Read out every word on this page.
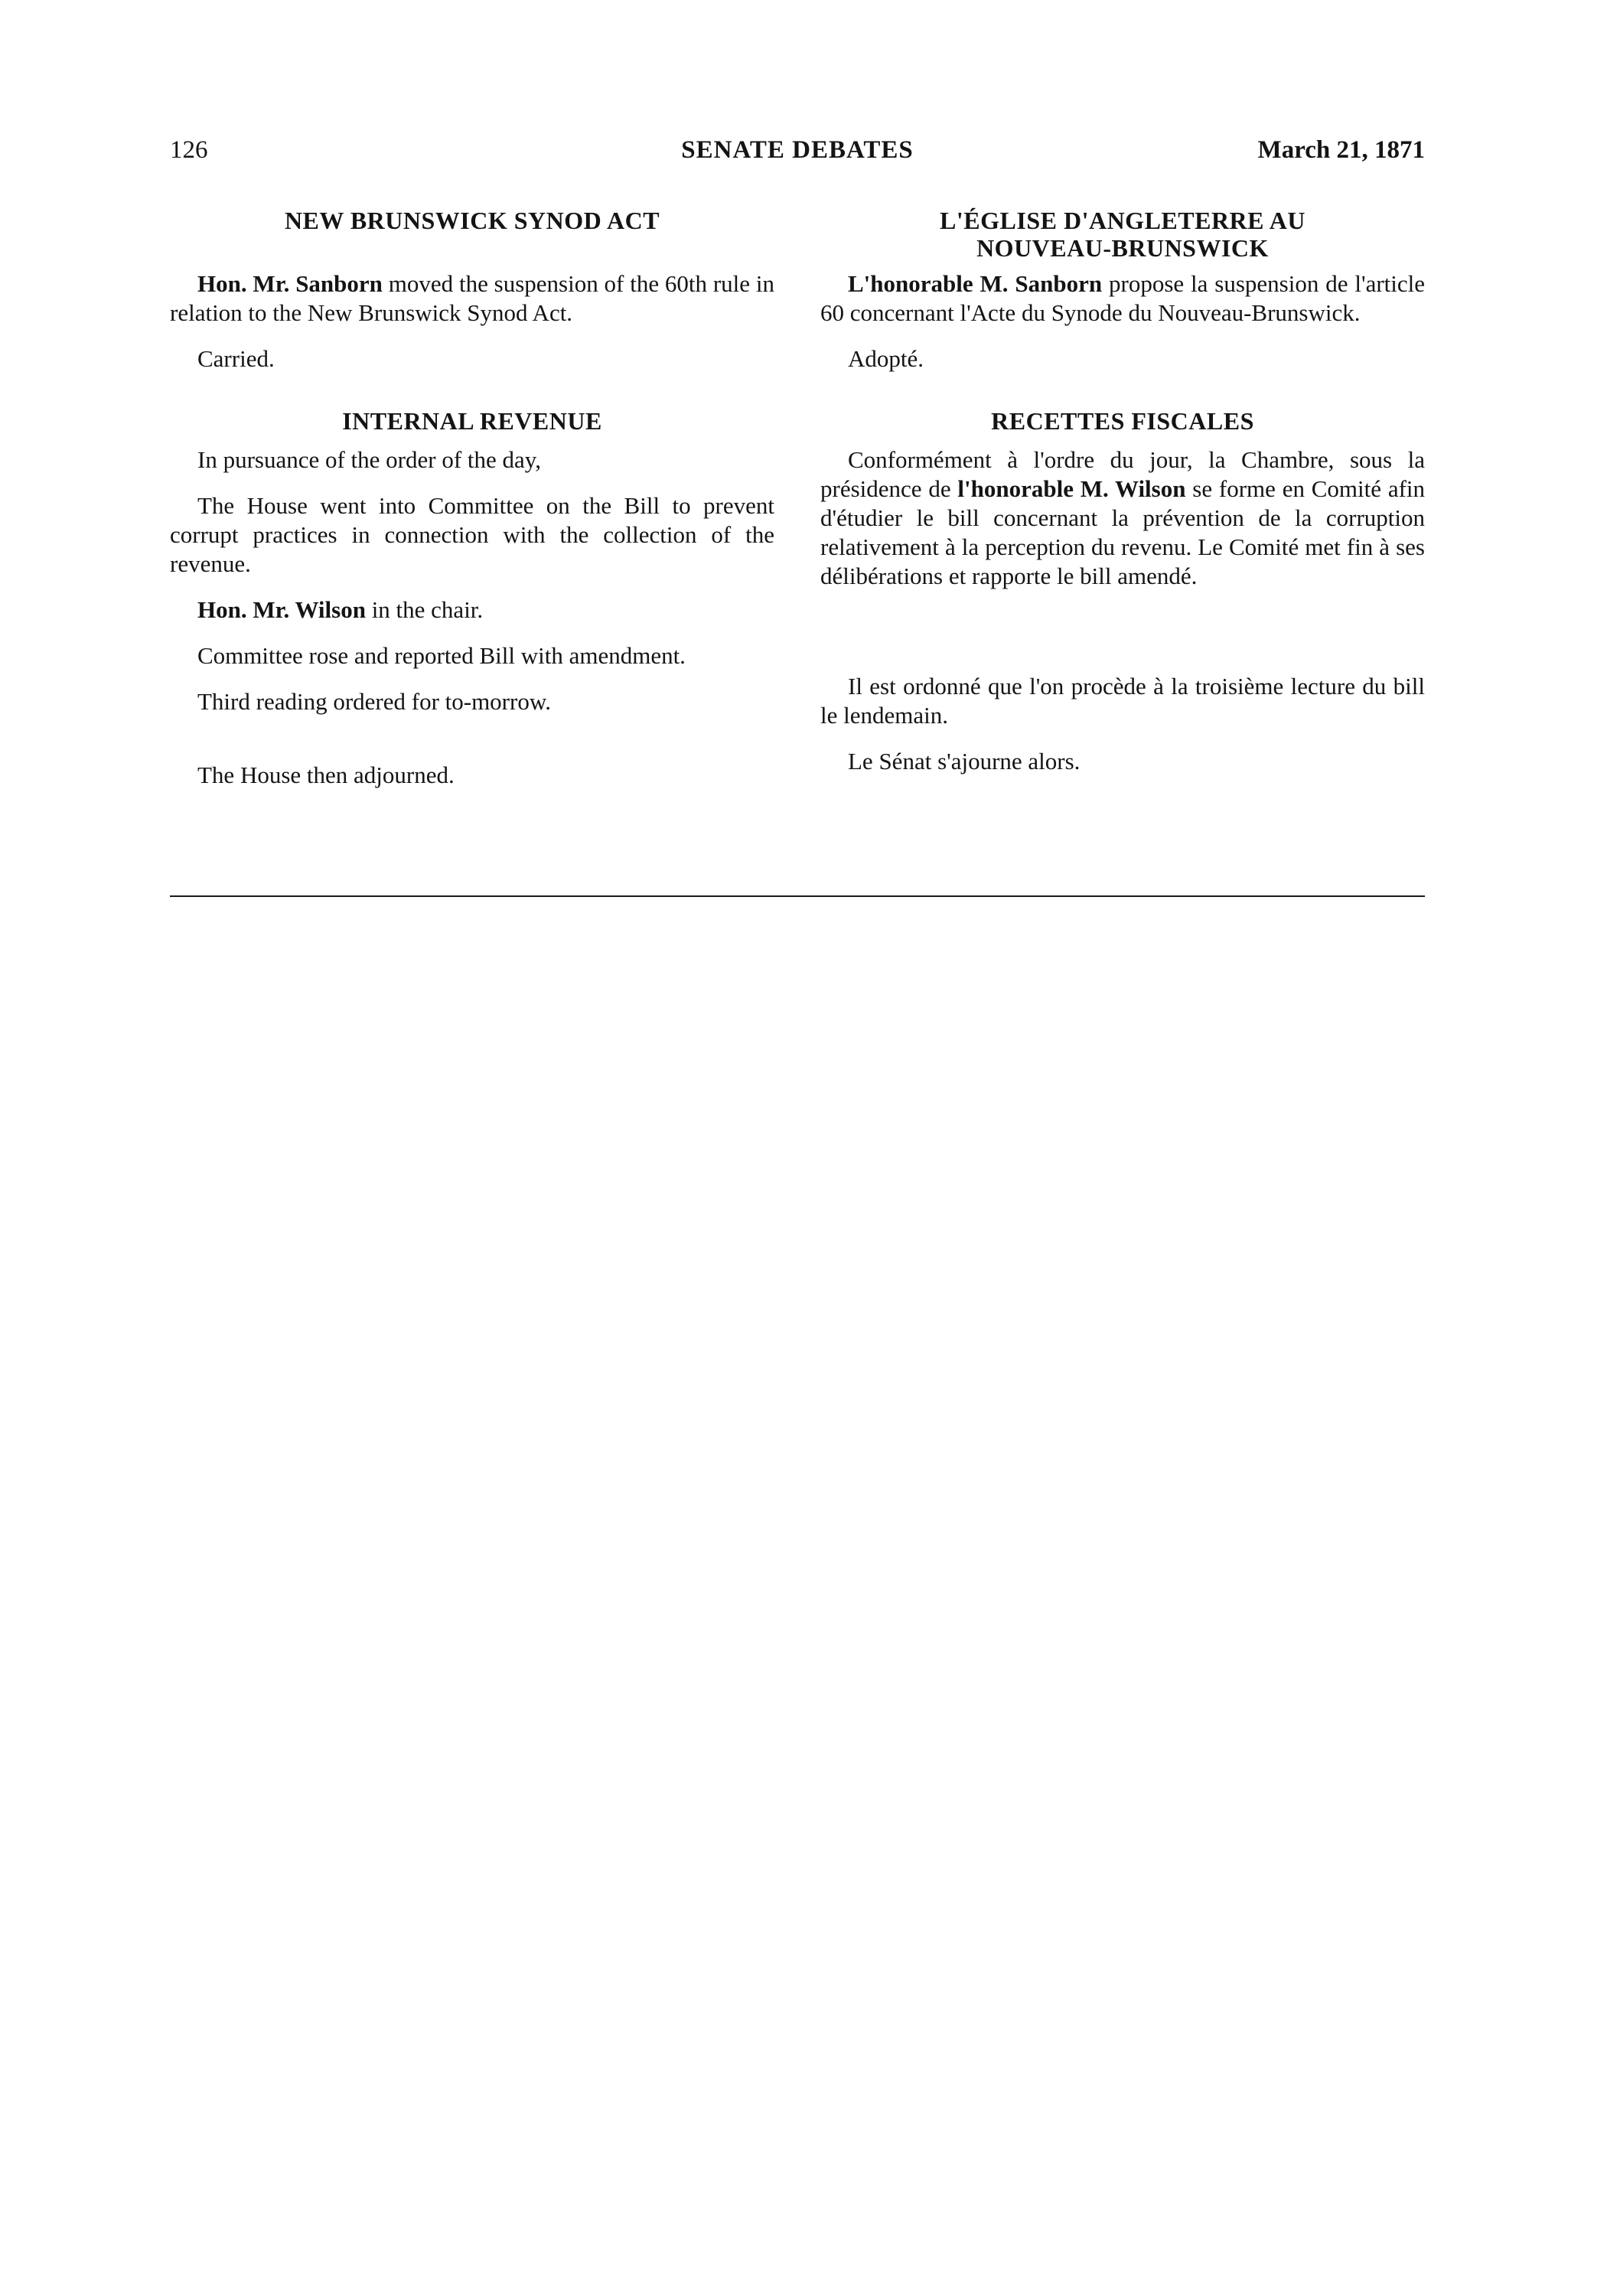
126	SENATE DEBATES	March 21, 1871
NEW BRUNSWICK SYNOD ACT

Hon. Mr. Sanborn moved the suspension of the 60th rule in relation to the New Brunswick Synod Act.

Carried.

INTERNAL REVENUE

In pursuance of the order of the day,

The House went into Committee on the Bill to prevent corrupt practices in connection with the collection of the revenue.

Hon. Mr. Wilson in the chair.

Committee rose and reported Bill with amendment.

Third reading ordered for to-morrow.

The House then adjourned.

L'ÉGLISE D'ANGLETERRE AU
NOUVEAU-BRUNSWICK

L'honorable M. Sanborn propose la suspension de l'article 60 concernant l'Acte du Synode du Nouveau-Brunswick.

Adopté.

RECETTES FISCALES

Conformément à l'ordre du jour, la Chambre, sous la présidence de l'honorable M. Wilson se forme en Comité afin d'étudier le bill concernant la prévention de la corruption relativement à la perception du revenu. Le Comité met fin à ses délibérations et rapporte le bill amendé.

Il est ordonné que l'on procède à la troisième lecture du bill le lendemain.

Le Sénat s'ajourne alors.
